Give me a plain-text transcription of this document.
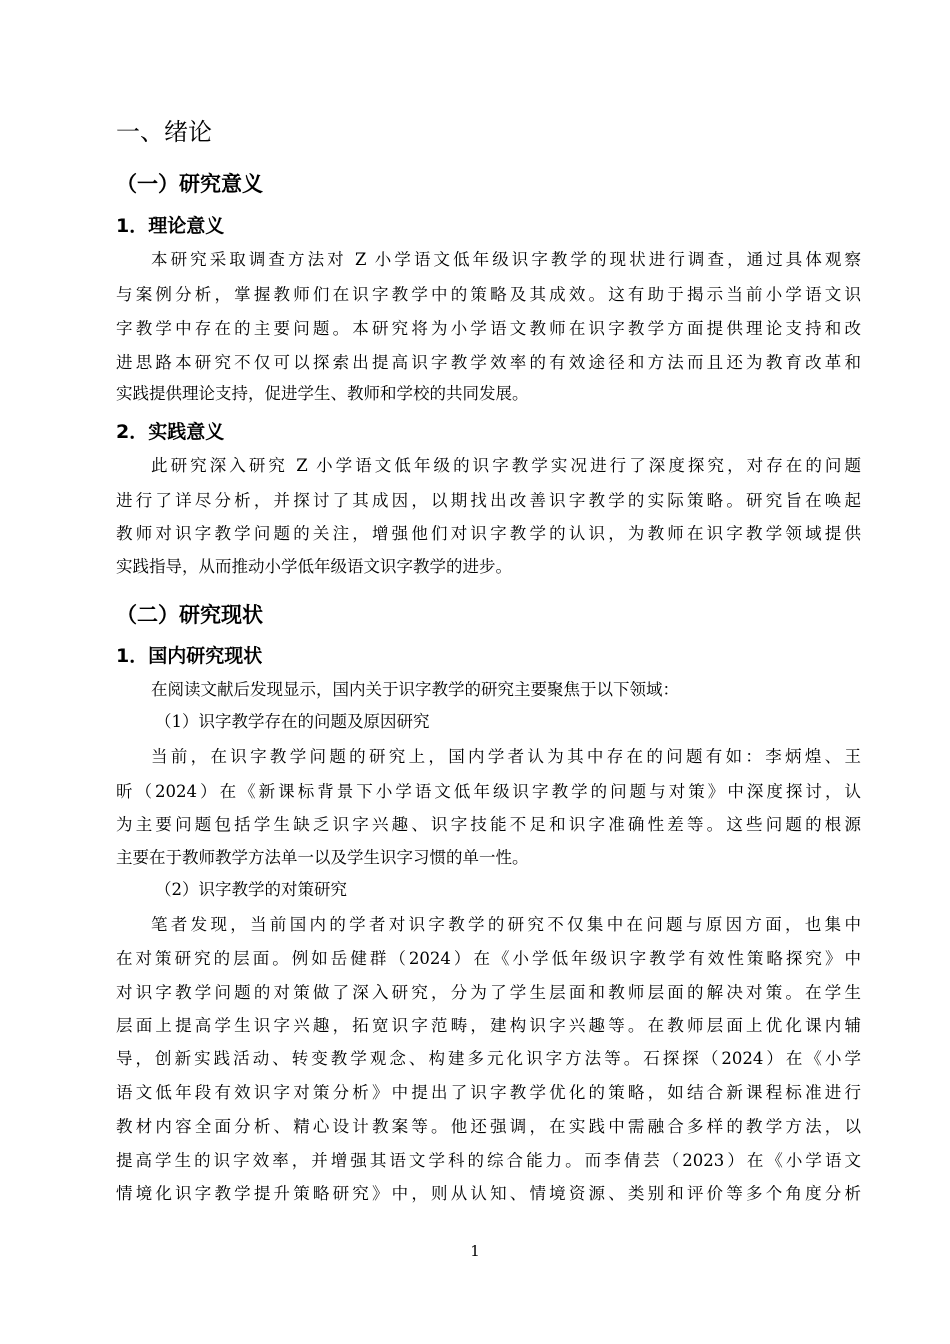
一、绪论
（一）研究意义
1．理论意义
本研究采取调查方法对 Z 小学语文低年级识字教学的现状进行调查，通过具体观察
与案例分析，掌握教师们在识字教学中的策略及其成效。这有助于揭示当前小学语文识
字教学中存在的主要问题。本研究将为小学语文教师在识字教学方面提供理论支持和改
进思路本研究不仅可以探索出提高识字教学效率的有效途径和方法而且还为教育改革和
实践提供理论支持，促进学生、教师和学校的共同发展。
2．实践意义
此研究深入研究 Z 小学语文低年级的识字教学实况进行了深度探究，对存在的问题
进行了详尽分析，并探讨了其成因，以期找出改善识字教学的实际策略。研究旨在唤起
教师对识字教学问题的关注，增强他们对识字教学的认识，为教师在识字教学领域提供
实践指导，从而推动小学低年级语文识字教学的进步。
（二）研究现状
1．国内研究现状
在阅读文献后发现显示，国内关于识字教学的研究主要聚焦于以下领域：
（1）识字教学存在的问题及原因研究
当前，在识字教学问题的研究上，国内学者认为其中存在的问题有如：李炳煌、王
昕（2024）在《新课标背景下小学语文低年级识字教学的问题与对策》中深度探讨，认
为主要问题包括学生缺乏识字兴趣、识字技能不足和识字准确性差等。这些问题的根源
主要在于教师教学方法单一以及学生识字习惯的单一性。
（2）识字教学的对策研究
笔者发现，当前国内的学者对识字教学的研究不仅集中在问题与原因方面，也集中
在对策研究的层面。例如岳健群（2024）在《小学低年级识字教学有效性策略探究》中
对识字教学问题的对策做了深入研究，分为了学生层面和教师层面的解决对策。在学生
层面上提高学生识字兴趣，拓宽识字范畴，建构识字兴趣等。在教师层面上优化课内辅
导，创新实践活动、转变教学观念、构建多元化识字方法等。石探探（2024）在《小学
语文低年段有效识字对策分析》中提出了识字教学优化的策略，如结合新课程标准进行
教材内容全面分析、精心设计教案等。他还强调，在实践中需融合多样的教学方法，以
提高学生的识字效率，并增强其语文学科的综合能力。而李倩芸（2023）在《小学语文
情境化识字教学提升策略研究》中，则从认知、情境资源、类别和评价等多个角度分析
1
